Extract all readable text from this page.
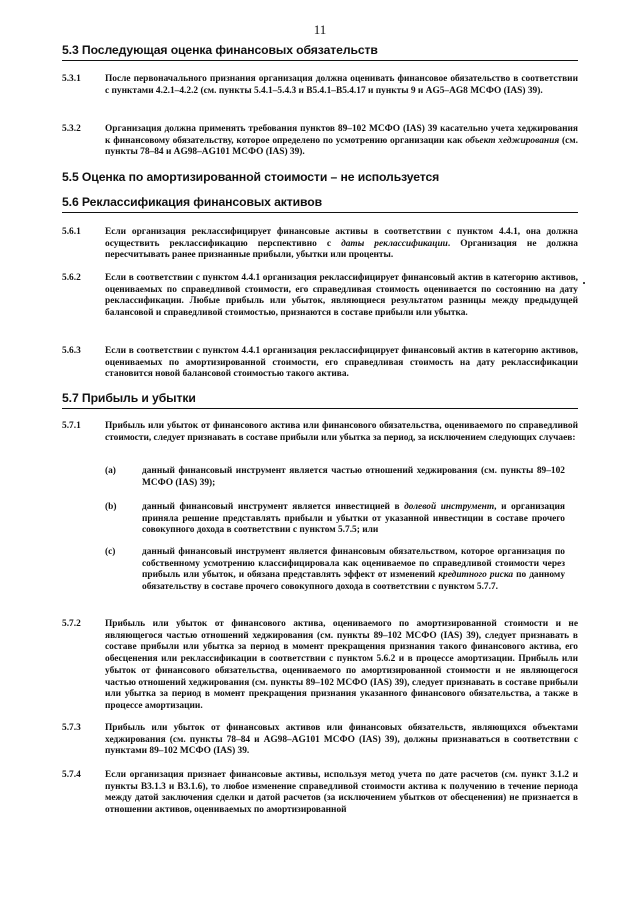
11
5.3 Последующая оценка финансовых обязательств
5.3.1	После первоначального признания организация должна оценивать финансовое обязательство в соответствии с пунктами 4.2.1–4.2.2 (см. пункты 5.4.1–5.4.3 и B5.4.1–B5.4.17 и пункты 9 и AG5–AG8 МСФО (IAS) 39).
5.3.2	Организация должна применять требования пунктов 89–102 МСФО (IAS) 39 касательно учета хеджирования к финансовому обязательству, которое определено по усмотрению организации как объект хеджирования (см. пункты 78–84 и AG98–AG101 МСФО (IAS) 39).
5.5 Оценка по амортизированной стоимости – не используется
5.6 Реклассификация финансовых активов
5.6.1	Если организация реклассифицирует финансовые активы в соответствии с пунктом 4.4.1, она должна осуществить реклассификацию перспективно с даты реклассификации. Организация не должна пересчитывать ранее признанные прибыли, убытки или проценты.
5.6.2	Если в соответствии с пунктом 4.4.1 организация реклассифицирует финансовый актив в категорию активов, оцениваемых по справедливой стоимости, его справедливая стоимость оценивается по состоянию на дату реклассификации. Любые прибыль или убыток, являющиеся результатом разницы между предыдущей балансовой и справедливой стоимостью, признаются в составе прибыли или убытка.
5.6.3	Если в соответствии с пунктом 4.4.1 организация реклассифицирует финансовый актив в категорию активов, оцениваемых по амортизированной стоимости, его справедливая стоимость на дату реклассификации становится новой балансовой стоимостью такого актива.
5.7 Прибыль и убытки
5.7.1	Прибыль или убыток от финансового актива или финансового обязательства, оцениваемого по справедливой стоимости, следует признавать в составе прибыли или убытка за период, за исключением следующих случаев:
(a)	данный финансовый инструмент является частью отношений хеджирования (см. пункты 89–102 МСФО (IAS) 39);
(b)	данный финансовый инструмент является инвестицией в долевой инструмент, и организация приняла решение представлять прибыли и убытки от указанной инвестиции в составе прочего совокупного дохода в соответствии с пунктом 5.7.5; или
(c)	данный финансовый инструмент является финансовым обязательством, которое организация по собственному усмотрению классифицировала как оцениваемое по справедливой стоимости через прибыль или убыток, и обязана представлять эффект от изменений кредитного риска по данному обязательству в составе прочего совокупного дохода в соответствии с пунктом 5.7.7.
5.7.2	Прибыль или убыток от финансового актива, оцениваемого по амортизированной стоимости и не являющегося частью отношений хеджирования (см. пункты 89–102 МСФО (IAS) 39), следует признавать в составе прибыли или убытка за период в момент прекращения признания такого финансового актива, его обесценения или реклассификации в соответствии с пунктом 5.6.2 и в процессе амортизации. Прибыль или убыток от финансового обязательства, оцениваемого по амортизированной стоимости и не являющегося частью отношений хеджирования (см. пункты 89–102 МСФО (IAS) 39), следует признавать в составе прибыли или убытка за период в момент прекращения признания указанного финансового обязательства, а также в процессе амортизации.
5.7.3	Прибыль или убыток от финансовых активов или финансовых обязательств, являющихся объектами хеджирования (см. пункты 78–84 и AG98–AG101 МСФО (IAS) 39), должны признаваться в соответствии с пунктами 89–102 МСФО (IAS) 39.
5.7.4	Если организация признает финансовые активы, используя метод учета по дате расчетов (см. пункт 3.1.2 и пункты B3.1.3 и B3.1.6), то любое изменение справедливой стоимости актива к получению в течение периода между датой заключения сделки и датой расчетов (за исключением убытков от обесценения) не признается в отношении активов, оцениваемых по амортизированной
